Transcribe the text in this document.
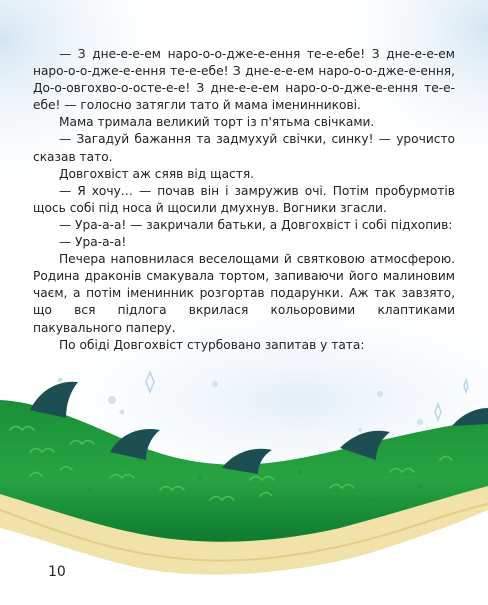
— З дне-е-е-ем наро-о-о-дже-е-ення те-е-ебе! З дне-е-е-ем наро-о-о-дже-е-ення те-е-ебе! З дне-е-е-ем наро-о-о-дже-е-ення, До-о-овгохво-о-осте-е-е! З дне-е-е-ем наро-о-о-дже-е-ення те-е-ебе! — голосно затягли тато й мама іменинникові.

Мама тримала великий торт із п'ятьма свічками.

— Загадуй бажання та задмухуй свічки, синку! — урочисто сказав тато.

Довгохвіст аж сяяв від щастя.

— Я хочу… — почав він і замружив очі. Потім пробурмотів щось собі під носа й щосили дмухнув. Вогники згасли.

— Ура-а-а! — закричали батьки, а Довгохвіст і собі підхопив:

— Ура-а-а!

Печера наповнилася веселощами й святковою атмосферою. Родина драконів смакувала тортом, запиваючи його малиновим чаєм, а потім іменинник розгортав подарунки. Аж так завзято, що вся підлога вкрилася кольоровими клаптиками пакувального паперу.

По обіді Довгохвіст стурбовано запитав у тата:

10
